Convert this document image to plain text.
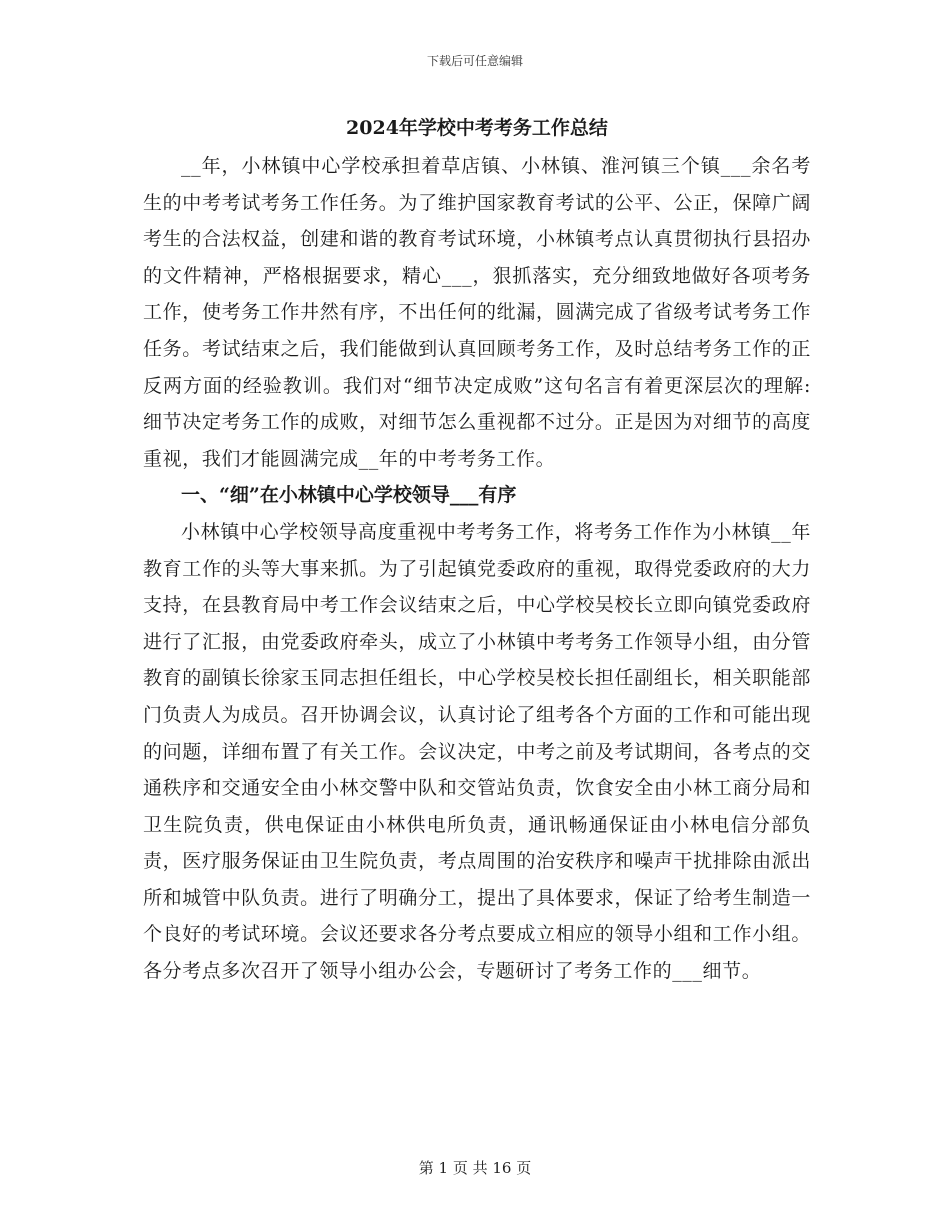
下载后可任意编辑
2024年学校中考考务工作总结

__年，小林镇中心学校承担着草店镇、小林镇、淮河镇三个镇___余名考生的中考考试考务工作任务。为了维护国家教育考试的公平、公正，保障广阔考生的合法权益，创建和谐的教育考试环境，小林镇考点认真贯彻执行县招办的文件精神，严格根据要求，精心___，狠抓落实，充分细致地做好各项考务工作，使考务工作井然有序，不出任何的纰漏，圆满完成了省级考试考务工作任务。考试结束之后，我们能做到认真回顾考务工作，及时总结考务工作的正反两方面的经验教训。我们对“细节决定成败”这句名言有着更深层次的理解:细节决定考务工作的成败，对细节怎么重视都不过分。正是因为对细节的高度重视，我们才能圆满完成__年的中考考务工作。

一、“细”在小林镇中心学校领导___有序

小林镇中心学校领导高度重视中考考务工作，将考务工作作为小林镇__年教育工作的头等大事来抓。为了引起镇党委政府的重视，取得党委政府的大力支持，在县教育局中考工作会议结束之后，中心学校吴校长立即向镇党委政府进行了汇报，由党委政府牵头，成立了小林镇中考考务工作领导小组，由分管教育的副镇长徐家玉同志担任组长，中心学校吴校长担任副组长，相关职能部门负责人为成员。召开协调会议，认真讨论了组考各个方面的工作和可能出现的问题，详细布置了有关工作。会议决定，中考之前及考试期间，各考点的交通秩序和交通安全由小林交警中队和交管站负责，饮食安全由小林工商分局和卫生院负责，供电保证由小林供电所负责，通讯畅通保证由小林电信分部负责，医疗服务保证由卫生院负责，考点周围的治安秩序和噪声干扰排除由派出所和城管中队负责。进行了明确分工，提出了具体要求，保证了给考生制造一个良好的考试环境。会议还要求各分考点要成立相应的领导小组和工作小组。各分考点多次召开了领导小组办公会，专题研讨了考务工作的___细节。

第 1 页 共 16 页
